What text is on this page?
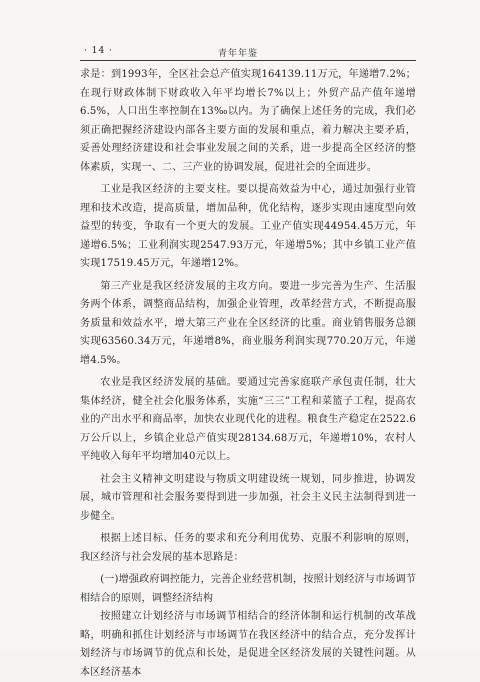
· 14 ·	青年年鉴

求是：到1993年，全区社会总产值实现164139.11万元，年递增7.2%；在现行财政体制下财政收入年平均增长7%以上；外贸产品产值年递增6.5%，人口出生率控制在13‰以内。为了确保上述任务的完成，我们必须正确把握经济建设内部各主要方面的发展和重点，着力解决主要矛盾，妥善处理经济建设和社会事业发展之间的关系，进一步提高全区经济的整体素质，实现一、二、三产业的协调发展，促进社会的全面进步。

工业是我区经济的主要支柱。要以提高效益为中心，通过加强行业管理和技术改造，提高质量，增加品种，优化结构，逐步实现由速度型向效益型的转变，争取有一个更大的发展。工业产值实现44954.45万元，年递增6.5%；工业利润实现2547.93万元，年递增5%；其中乡镇工业产值实现17519.45万元，年递增12%。

第三产业是我区经济发展的主攻方向。要进一步完善为生产、生活服务两个体系，调整商品结构，加强企业管理，改革经营方式，不断提高服务质量和效益水平，增大第三产业在全区经济的比重。商业销售服务总额实现63560.34万元，年递增8%，商业服务利润实现770.20万元，年递增4.5%。

农业是我区经济发展的基础。要通过完善家庭联产承包责任制，壮大集体经济，健全社会化服务体系，实施“三三”工程和菜篮子工程，提高农业的产出水平和商品率，加快农业现代化的进程。粮食生产稳定在2522.6万公斤以上，乡镇企业总产值实现28134.68万元，年递增10%，农村人平纯收入每年平均增加40元以上。

社会主义精神文明建设与物质文明建设统一规划，同步推进，协调发展，城市管理和社会服务要得到进一步加强，社会主义民主法制得到进一步健全。

根据上述目标、任务的要求和充分利用优势、克服不利影响的原则，我区经济与社会发展的基本思路是：

(一)增强政府调控能力，完善企业经营机制，按照计划经济与市场调节相结合的原则，调整经济结构

按照建立计划经济与市场调节相结合的经济体制和运行机制的改革战略，明确和抓住计划经济与市场调节在我区经济中的结合点，充分发挥计划经济与市场调节的优点和长处，是促进全区经济发展的关键性问题。从本区经济基本
